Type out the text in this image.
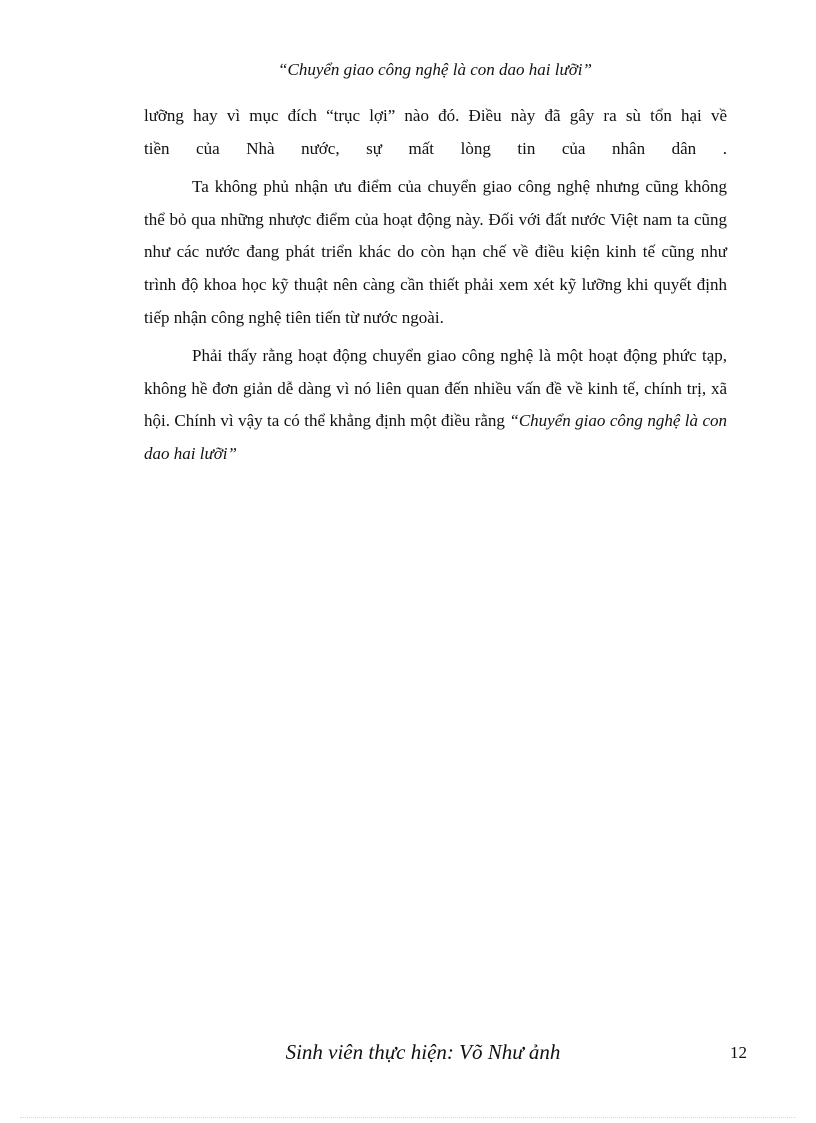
“Chuyển giao công nghệ là con dao hai lưỡi”

lưỡng hay vì mục đích “trục lợi” nào đó. Điều này đã gây ra sù tổn hại về
tiền của Nhà nước, sự mất lòng tin của nhân dân .

Ta không phủ nhận ưu điểm của chuyển giao công nghệ nhưng cũng không thể bỏ qua những nhược điểm của hoạt động này. Đối với đất nước Việt nam ta cũng như các nước đang phát triển khác do còn hạn chế về điều kiện kinh tế cũng như trình độ khoa học kỹ thuật nên càng cần thiết phải xem xét kỹ lưỡng khi quyết định tiếp nhận công nghệ tiên tiến từ nước ngoài.

Phải thấy rằng hoạt động chuyển giao công nghệ là một hoạt động phức tạp, không hề đơn giản dễ dàng vì nó liên quan đến nhiều vấn đề về kinh tế, chính trị, xã hội. Chính vì vậy ta có thể khẳng định một điều rằng “Chuyển giao công nghệ là con dao hai lưỡi”

Sinh viên thực hiện: Võ Như ảnh	12
